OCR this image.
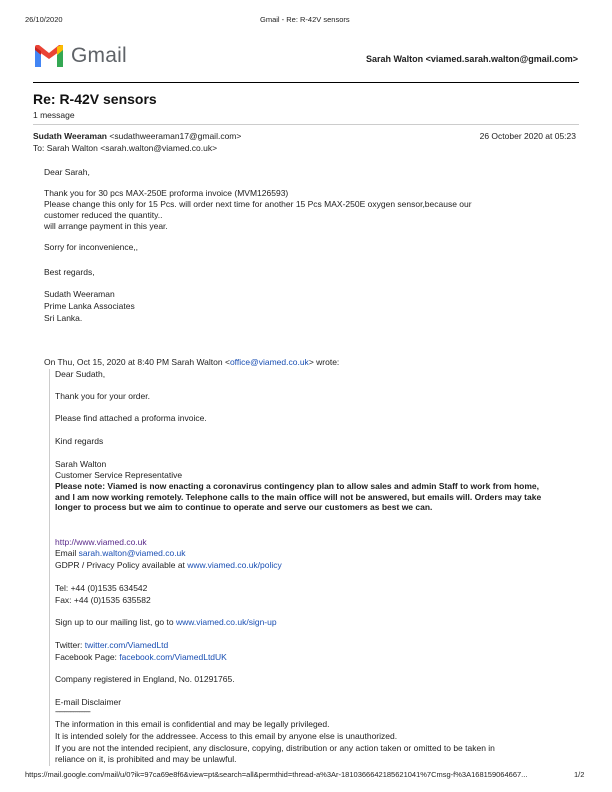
26/10/2020	Gmail - Re: R-42V sensors
Gmail	Sarah Walton <viamed.sarah.walton@gmail.com>
Re: R-42V sensors
1 message
Sudath Weeraman <sudathweeraman17@gmail.com>	26 October 2020 at 05:23
To: Sarah Walton <sarah.walton@viamed.co.uk>
Dear Sarah,
Thank you for 30 pcs MAX-250E proforma invoice (MVM126593)
Please change this only for 15 Pcs. will order next time for another 15 Pcs MAX-250E oxygen sensor,because our
customer reduced the quantity..
will arrange payment in this year.
Sorry for inconvenience,,
Best regards,
Sudath Weeraman
Prime Lanka Associates
Sri Lanka.
On Thu, Oct 15, 2020 at 8:40 PM Sarah Walton <office@viamed.co.uk> wrote:
Dear Sudath,
Thank you for your order.
Please find attached a proforma invoice.
Kind regards
Sarah Walton
Customer Service Representative
Please note: Viamed is now enacting a coronavirus contingency plan to allow sales and admin Staff to work from home, and I am now working remotely. Telephone calls to the main office will not be answered, but emails will. Orders may take longer to process but we aim to continue to operate and serve our customers as best we can.
http://www.viamed.co.uk
Email sarah.walton@viamed.co.uk
GDPR / Privacy Policy available at www.viamed.co.uk/policy
Tel: +44 (0)1535 634542
Fax: +44 (0)1535 635582
Sign up to our mailing list, go to www.viamed.co.uk/sign-up
Twitter: twitter.com/ViamedLtd
Facebook Page: facebook.com/ViamedLtdUK
Company registered in England, No. 01291765.
E-mail Disclaimer
-------------------
The information in this email is confidential and may be legally privileged.
It is intended solely for the addressee. Access to this email by anyone else is unauthorized.
If you are not the intended recipient, any disclosure, copying, distribution or any action taken or omitted to be taken in
reliance on it, is prohibited and may be unlawful.
https://mail.google.com/mail/u/0?ik=97ca69e8f6&view=pt&search=all&permthid=thread-a%3Ar-1810366642185621041%7Cmsg-f%3A168159064667...	1/2
